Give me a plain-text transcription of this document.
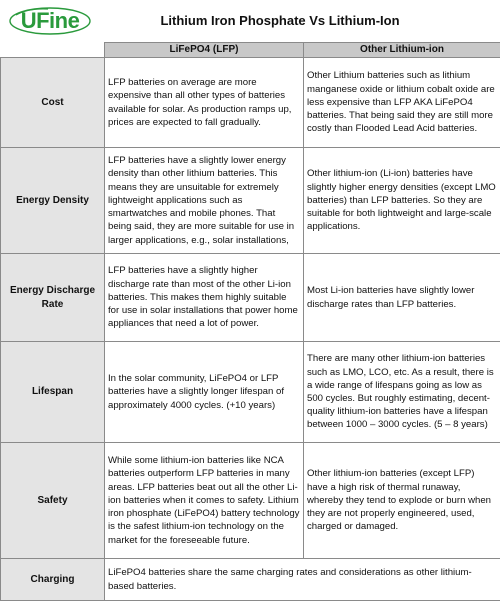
UFine	Lithium Iron Phosphate Vs Lithium-Ion
	LiFePO4 (LFP)	Other Lithium-ion
Cost	LFP batteries on average are more expensive than all other types of batteries available for solar. As production ramps up, prices are expected to fall gradually.	Other Lithium batteries such as lithium manganese oxide or lithium cobalt oxide are less expensive than LFP AKA LiFePO4 batteries. That being said they are still more costly than Flooded Lead Acid batteries.
Energy Density	LFP batteries have a slightly lower energy density than other lithium batteries. This means they are unsuitable for extremely lightweight applications such as smartwatches and mobile phones. That being said, they are more suitable for use in larger applications, e.g., solar installations,	Other lithium-ion (Li-ion) batteries have slightly higher energy densities (except LMO batteries) than LFP batteries. So they are suitable for both lightweight and large-scale applications.
Energy Discharge Rate	LFP batteries have a slightly higher discharge rate than most of the other Li-ion batteries. This makes them highly suitable for use in solar installations that power home appliances that need a lot of power.	Most Li-ion batteries have slightly lower discharge rates than LFP batteries.
Lifespan	In the solar community, LiFePO4 or LFP batteries have a slightly longer lifespan of approximately 4000 cycles. (+10 years)	There are many other lithium-ion batteries such as LMO, LCO, etc. As a result, there is a wide range of lifespans going as low as 500 cycles. But roughly estimating, decent-quality lithium-ion batteries have a lifespan between 1000 – 3000 cycles. (5 – 8 years)
Safety	While some lithium-ion batteries like NCA batteries outperform LFP batteries in many areas. LFP batteries beat out all the other Li-ion batteries when it comes to safety. Lithium iron phosphate (LiFePO4) battery technology is the safest lithium-ion technology on the market for the foreseeable future.	Other lithium-ion batteries (except LFP) have a high risk of thermal runaway, whereby they tend to explode or burn when they are not properly engineered, used, charged or damaged.
Charging	LiFePO4 batteries share the same charging rates and considerations as other lithium-based batteries.	
